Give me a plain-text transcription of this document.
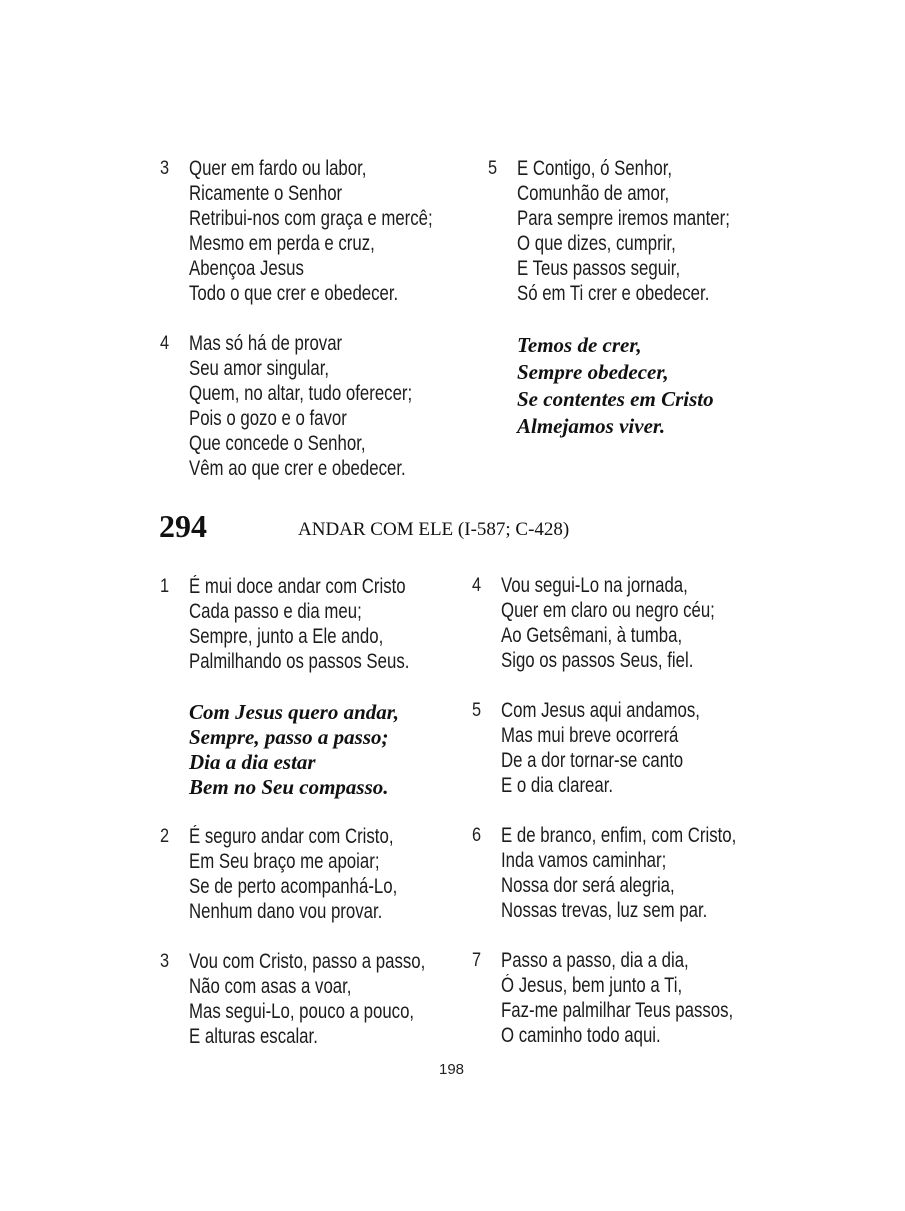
3 Quer em fardo ou labor,
Ricamente o Senhor
Retribui-nos com graça e mercê;
Mesmo em perda e cruz,
Abençoa Jesus
Todo o que crer e obedecer.
4 Mas só há de provar
Seu amor singular,
Quem, no altar, tudo oferecer;
Pois o gozo e o favor
Que concede o Senhor,
Vêm ao que crer e obedecer.
5 E Contigo, ó Senhor,
Comunhão de amor,
Para sempre iremos manter;
O que dizes, cumprir,
E Teus passos seguir,
Só em Ti crer e obedecer.
Temos de crer,
Sempre obedecer,
Se contentes em Cristo
Almejamos viver.
294	ANDAR COM ELE (I-587; C-428)
1 É mui doce andar com Cristo
Cada passo e dia meu;
Sempre, junto a Ele ando,
Palmilhando os passos Seus.
Com Jesus quero andar,
Sempre, passo a passo;
Dia a dia estar
Bem no Seu compasso.
2 É seguro andar com Cristo,
Em Seu braço me apoiar;
Se de perto acompanhá-Lo,
Nenhum dano vou provar.
3 Vou com Cristo, passo a passo,
Não com asas a voar,
Mas segui-Lo, pouco a pouco,
E alturas escalar.
4 Vou segui-Lo na jornada,
Quer em claro ou negro céu;
Ao Getsêmani, à tumba,
Sigo os passos Seus, fiel.
5 Com Jesus aqui andamos,
Mas mui breve ocorrerá
De a dor tornar-se canto
E o dia clarear.
6 E de branco, enfim, com Cristo,
Inda vamos caminhar;
Nossa dor será alegria,
Nossas trevas, luz sem par.
7 Passo a passo, dia a dia,
Ó Jesus, bem junto a Ti,
Faz-me palmilhar Teus passos,
O caminho todo aqui.
198
